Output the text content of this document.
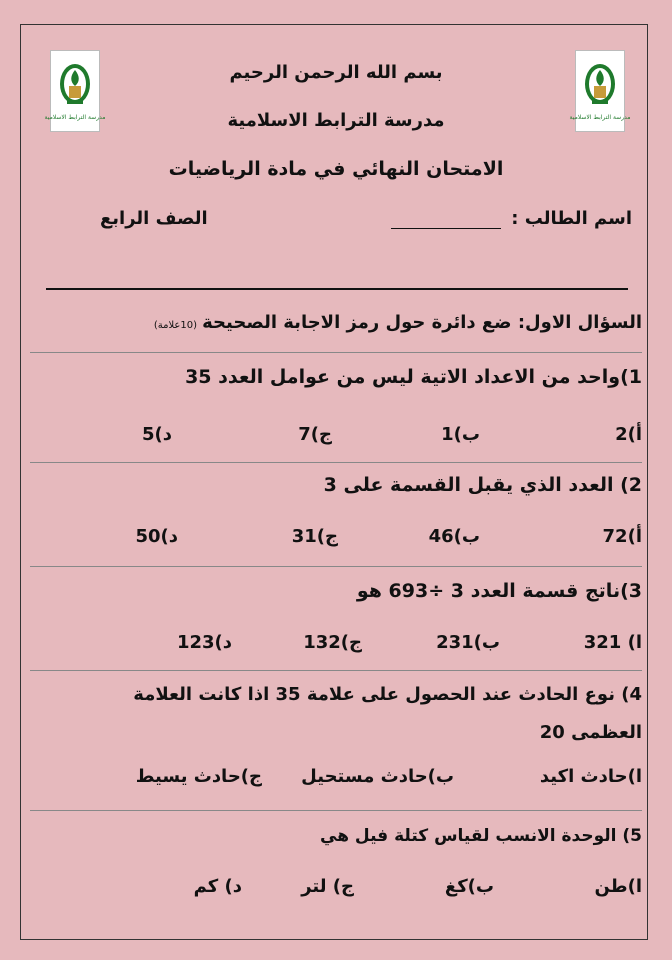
مدرسة الترابط الاسلامية	مدرسة الترابط الاسلامية
بسم الله الرحمن الرحيم
مدرسة الترابط الاسلامية
الامتحان النهائي في مادة الرياضيات
اسم الطالب :
الصف الرابع
السؤال الاول: ضع دائرة حول رمز الاجابة الصحيحة (10علامة)
1)واحد من الاعداد الاتية ليس من عوامل العدد 35
أ)2
ب)1
ج)7
د)5
2) العدد الذي يقبل القسمة على 3
أ)72
ب)46
ج)31
د)50
3)ناتج قسمة العدد 3 ÷693 هو
ا) 321
ب)231
ج)132
د)123
4) نوع الحادث عند الحصول على علامة 35 اذا كانت العلامة
العظمى 20
ا)حادث اكيد
ب)حادث مستحيل
ج)حادث يسيط
5) الوحدة الانسب لقياس كتلة فيل هي
ا)طن
ب)كغ
ج) لتر
د) كم
